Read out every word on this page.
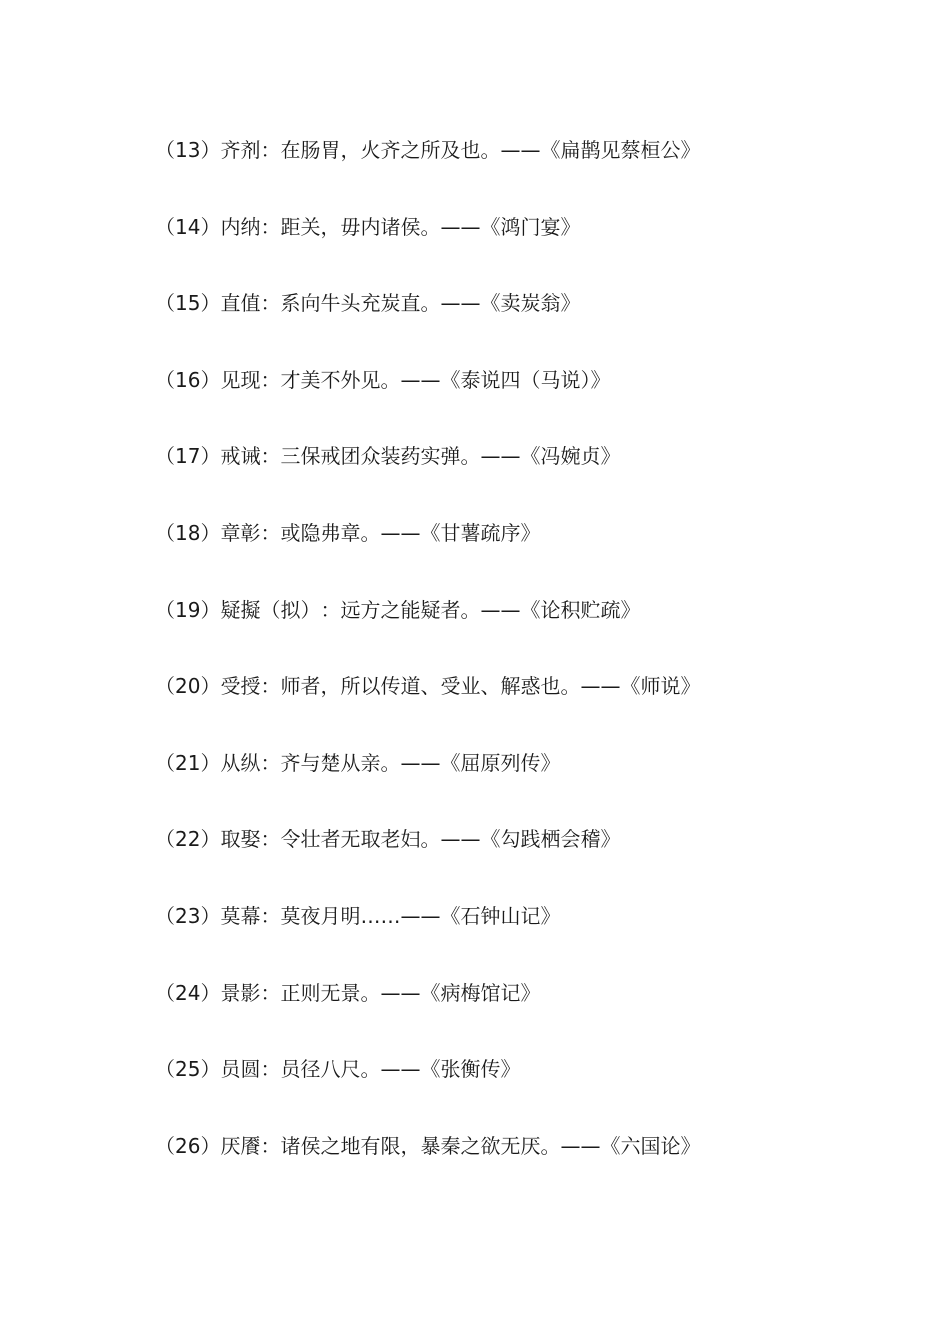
（13） 齐剂 ： 在肠胃，火齐之所及也。 —— 《扁鹊见蔡桓公》
（14） 内纳 ： 距关，毋内诸侯。 —— 《鸿门宴》
（15） 直值 ： 系向牛头充炭直。 —— 《卖炭翁》
（16） 见现 ： 才美不外见。 —— 《泰说四（马说）》
（17） 戒诫 ： 三保戒团众装药实弹。 —— 《冯婉贞》
（18） 章彰 ： 或隐弗章。 —— 《甘薯疏序》
（19） 疑擬（拟） ： 远方之能疑者。 —— 《论积贮疏》
（20） 受授 ： 师者，所以传道、受业、解惑也。 —— 《师说》
（21） 从纵 ： 齐与楚从亲。 —— 《屈原列传》
（22） 取娶 ： 令壮者无取老妇。 —— 《勾践栖会稽》
（23） 莫幕 ： 莫夜月明…… —— 《石钟山记》
（24） 景影 ： 正则无景。 —— 《病梅馆记》
（25） 员圆 ： 员径八尺。 —— 《张衡传》
（26） 厌餍 ： 诸侯之地有限，暴秦之欲无厌。 —— 《六国论》
